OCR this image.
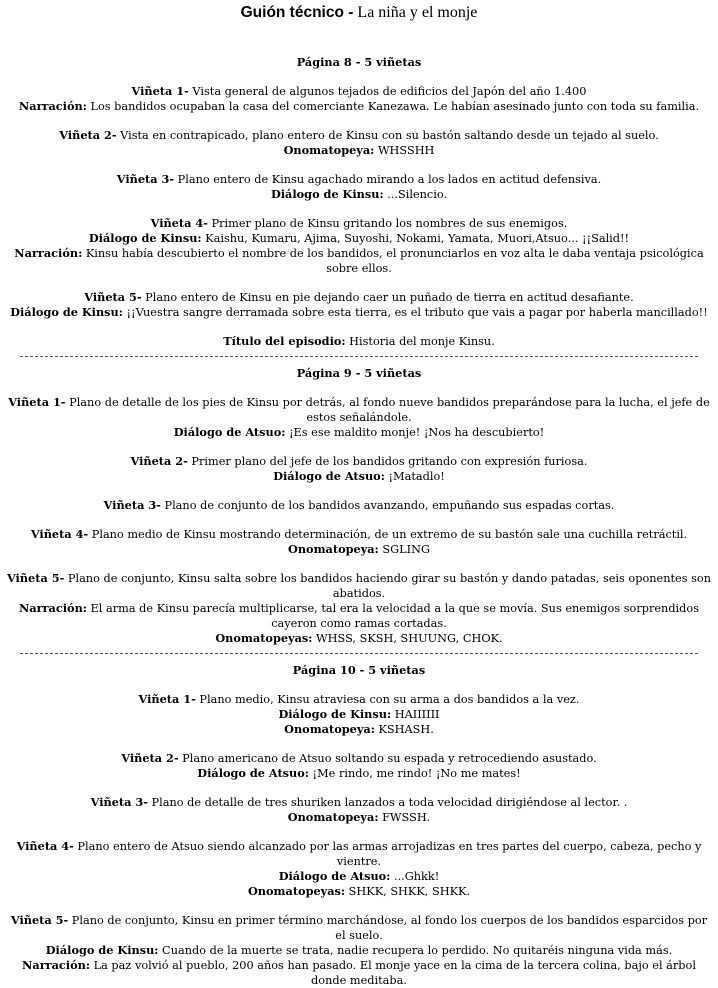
Guión técnico - La niña y el monje
Página 8 - 5 viñetas
Viñeta 1- Vista general de algunos tejados de edificios del Japón del año 1.400
Narración: Los bandidos ocupaban la casa del comerciante Kanezawa. Le habían asesinado junto con toda su familia.
Viñeta 2- Vista en contrapicado, plano entero de Kinsu con su bastón saltando desde un tejado al suelo.
Onomatopeya: WHSSHH
Viñeta 3- Plano entero de Kinsu agachado mirando a los lados en actitud defensiva.
Diálogo de Kinsu: ...Silencio.
Viñeta 4- Primer plano de Kinsu gritando los nombres de sus enemigos.
Diálogo de Kinsu: Kaishu, Kumaru, Ajima, Suyoshi, Nokami, Yamata, Muori,Atsuo... ¡¡Salid!!
Narración: Kinsu había descubierto el nombre de los bandidos, el pronunciarlos en voz alta le daba ventaja psicológica sobre ellos.
Viñeta 5- Plano entero de Kinsu en pie dejando caer un puñado de tierra en actitud desafiante.
Diálogo de Kinsu: ¡¡Vuestra sangre derramada sobre esta tierra, es el tributo que vais a pagar por haberla mancillado!!
Título del episodio: Historia del monje Kinsu.
Página 9 - 5 viñetas
Viñeta 1- Plano de detalle de los pies de Kinsu por detrás, al fondo nueve bandidos preparándose para la lucha, el jefe de estos señalándole.
Diálogo de Atsuo: ¡Es ese maldito monje! ¡Nos ha descubierto!
Viñeta 2- Primer plano del jefe de los bandidos gritando con expresión furiosa.
Diálogo de Atsuo: ¡Matadlo!
Viñeta 3- Plano de conjunto de los bandidos avanzando, empuñando sus espadas cortas.
Viñeta 4- Plano medio de Kinsu mostrando determinación, de un extremo de su bastón sale una cuchilla retráctil.
Onomatopeya: SGLING
Viñeta 5- Plano de conjunto, Kinsu salta sobre los bandidos haciendo girar su bastón y dando patadas, seis oponentes son abatidos.
Narración: El arma de Kinsu parecía multiplicarse, tal era la velocidad a la que se movía. Sus enemigos sorprendidos cayeron como ramas cortadas.
Onomatopeyas: WHSS, SKSH, SHUUNG, CHOK.
Página 10 - 5 viñetas
Viñeta 1- Plano medio, Kinsu atraviesa con su arma a dos bandidos a la vez.
Diálogo de Kinsu: HAIIIIII
Onomatopeya: KSHASH.
Viñeta 2- Plano americano de Atsuo soltando su espada y retrocediendo asustado.
Diálogo de Atsuo: ¡Me rindo, me rindo! ¡No me mates!
Viñeta 3- Plano de detalle de tres shuriken lanzados a toda velocidad dirigiéndose al lector. .
Onomatopeya: FWSSH.
Viñeta 4- Plano entero de Atsuo siendo alcanzado por las armas arrojadizas en tres partes del cuerpo, cabeza, pecho y vientre.
Diálogo de Atsuo: ...Ghkk!
Onomatopeyas: SHKK, SHKK, SHKK.
Viñeta 5- Plano de conjunto, Kinsu en primer término marchándose, al fondo los cuerpos de los bandidos esparcidos por el suelo.
Diálogo de Kinsu: Cuando de la muerte se trata, nadie recupera lo perdido. No quitaréis ninguna vida más.
Narración: La paz volvió al pueblo, 200 años han pasado. El monje yace en la cima de la tercera colina, bajo el árbol donde meditaba.
